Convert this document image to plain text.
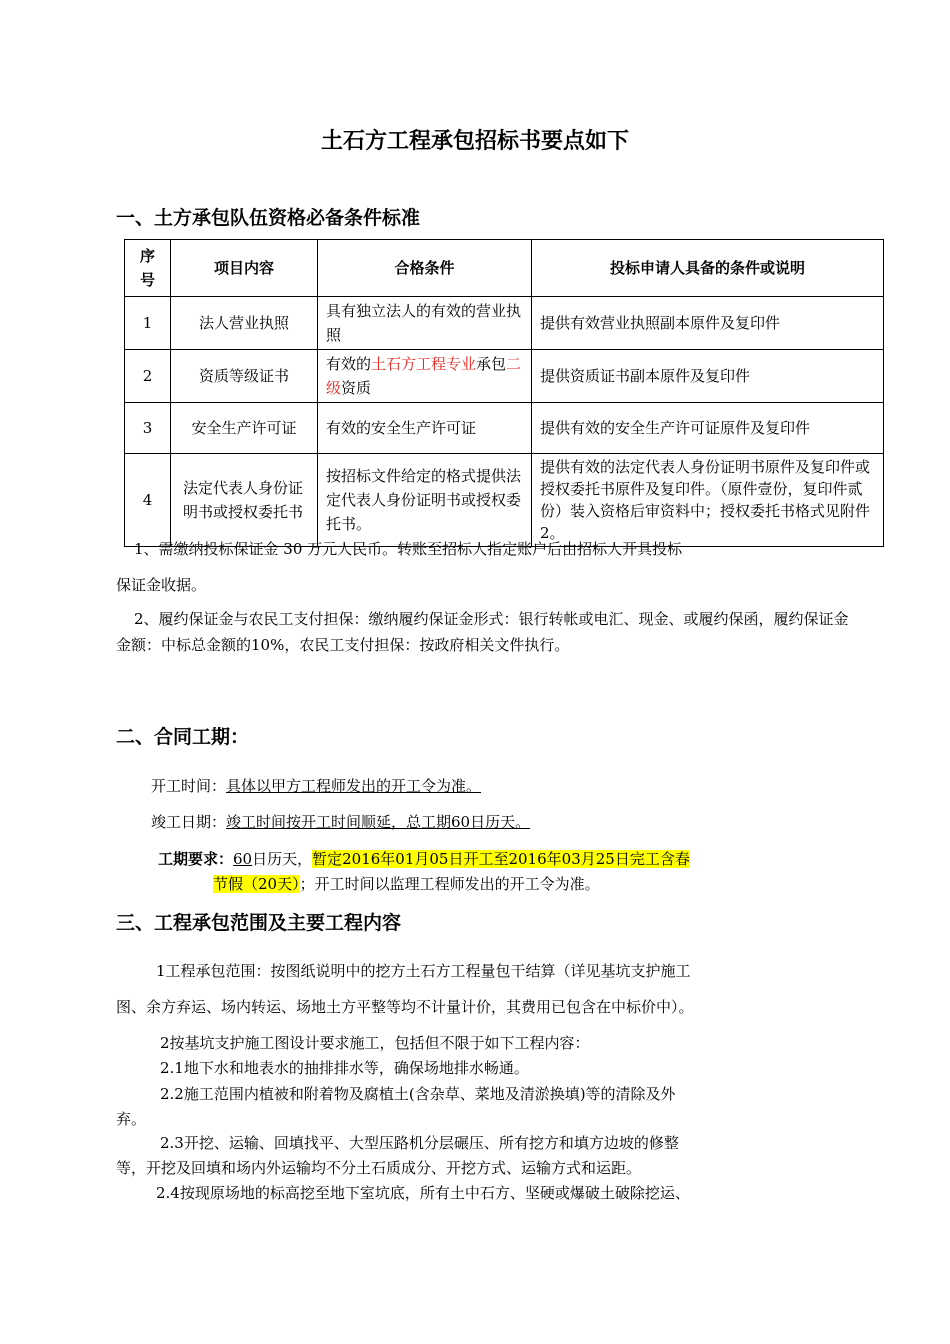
土石方工程承包招标书要点如下
一、土方承包队伍资格必备条件标准
序号	项目内容	合格条件	投标申请人具备的条件或说明
1	法人营业执照	具有独立法人的有效的营业执照	提供有效营业执照副本原件及复印件
2	资质等级证书	有效的土石方工程专业承包二级资质	提供资质证书副本原件及复印件
3	安全生产许可证	有效的安全生产许可证	提供有效的安全生产许可证原件及复印件
4	法定代表人身份证明书或授权委托书	按招标文件给定的格式提供法定代表人身份证明书或授权委托书。	提供有效的法定代表人身份证明书原件及复印件或授权委托书原件及复印件。（原件壹份，复印件贰份）装入资格后审资料中；授权委托书格式见附件2。
1、需缴纳投标保证金 30 万元人民币。转账至招标人指定账户后由招标人开具投标
保证金收据。
2、履约保证金与农民工支付担保：缴纳履约保证金形式：银行转帐或电汇、现金、或履约保函，履约保证金金额：中标总金额的10%，农民工支付担保：按政府相关文件执行。
二、合同工期：
开工时间：具体以甲方工程师发出的开工令为准。
竣工日期：竣工时间按开工时间顺延，总工期60日历天。
工期要求：60日历天，暂定2016年01月05日开工至2016年03月25日完工含春
节假（20天）；开工时间以监理工程师发出的开工令为准。
三、工程承包范围及主要工程内容
1工程承包范围：按图纸说明中的挖方土石方工程量包干结算（详见基坑支护施工
图、余方弃运、场内转运、场地土方平整等均不计量计价，其费用已包含在中标价中）。
2按基坑支护施工图设计要求施工，包括但不限于如下工程内容：
2.1地下水和地表水的抽排排水等，确保场地排水畅通。
2.2施工范围内植被和附着物及腐植土(含杂草、菜地及清淤换填)等的清除及外
弃。
2.3开挖、运输、回填找平、大型压路机分层碾压、所有挖方和填方边坡的修整
等，开挖及回填和场内外运输均不分土石质成分、开挖方式、运输方式和运距。
2.4按现原场地的标高挖至地下室坑底，所有土中石方、坚硬或爆破土破除挖运、
